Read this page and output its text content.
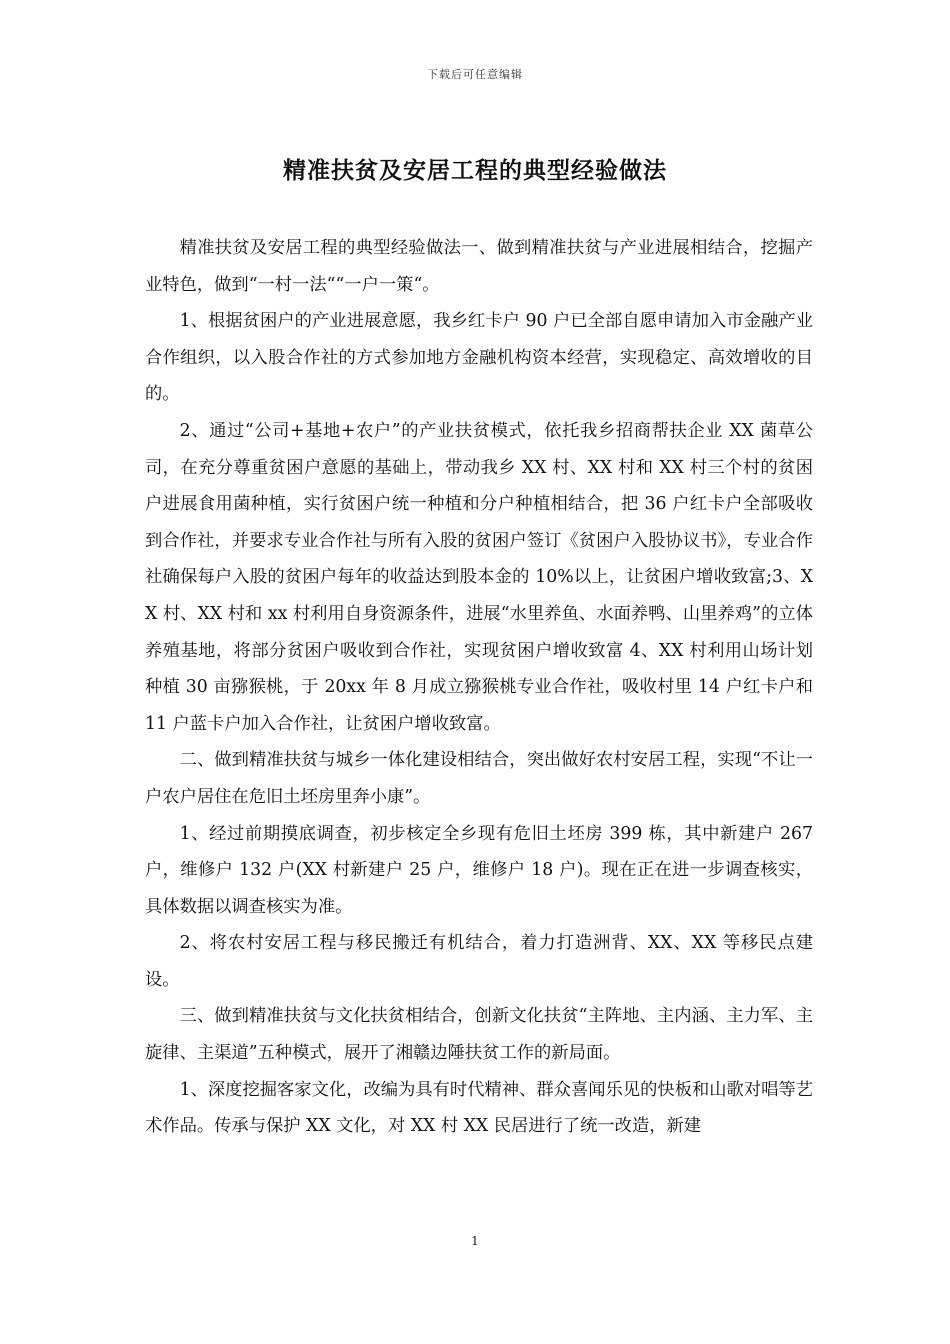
下载后可任意编辑
精准扶贫及安居工程的典型经验做法

精准扶贫及安居工程的典型经验做法一、做到精准扶贫与产业进展相结合，挖掘产业特色，做到“一村一法““一户一策“。

1、根据贫困户的产业进展意愿，我乡红卡户 90 户已全部自愿申请加入市金融产业合作组织，以入股合作社的方式参加地方金融机构资本经营，实现稳定、高效增收的目的。

2、通过“公司+基地+农户”的产业扶贫模式，依托我乡招商帮扶企业 XX 菌草公司，在充分尊重贫困户意愿的基础上，带动我乡 XX 村、XX 村和 XX 村三个村的贫困户进展食用菌种植，实行贫困户统一种植和分户种植相结合，把 36 户红卡户全部吸收到合作社，并要求专业合作社与所有入股的贫困户签订《贫困户入股协议书》，专业合作社确保每户入股的贫困户每年的收益达到股本金的 10%以上，让贫困户增收致富;3、XX 村、XX 村和 xx 村利用自身资源条件，进展“水里养鱼、水面养鸭、山里养鸡”的立体养殖基地，将部分贫困户吸收到合作社，实现贫困户增收致富 4、XX 村利用山场计划种植 30 亩猕猴桃，于 20xx 年 8 月成立猕猴桃专业合作社，吸收村里 14 户红卡户和 11 户蓝卡户加入合作社，让贫困户增收致富。

二、做到精准扶贫与城乡一体化建设相结合，突出做好农村安居工程，实现“不让一户农户居住在危旧土坯房里奔小康”。

1、经过前期摸底调查，初步核定全乡现有危旧土坯房 399 栋，其中新建户 267 户，维修户 132 户(XX 村新建户 25 户，维修户 18 户)。现在正在进一步调查核实，具体数据以调查核实为准。

2、将农村安居工程与移民搬迁有机结合，着力打造洲背、XX、XX 等移民点建设。

三、做到精准扶贫与文化扶贫相结合，创新文化扶贫“主阵地、主内涵、主力军、主旋律、主渠道”五种模式，展开了湘赣边陲扶贫工作的新局面。

1、深度挖掘客家文化，改编为具有时代精神、群众喜闻乐见的快板和山歌对唱等艺术作品。传承与保护 XX 文化，对 XX 村 XX 民居进行了统一改造，新建

1
